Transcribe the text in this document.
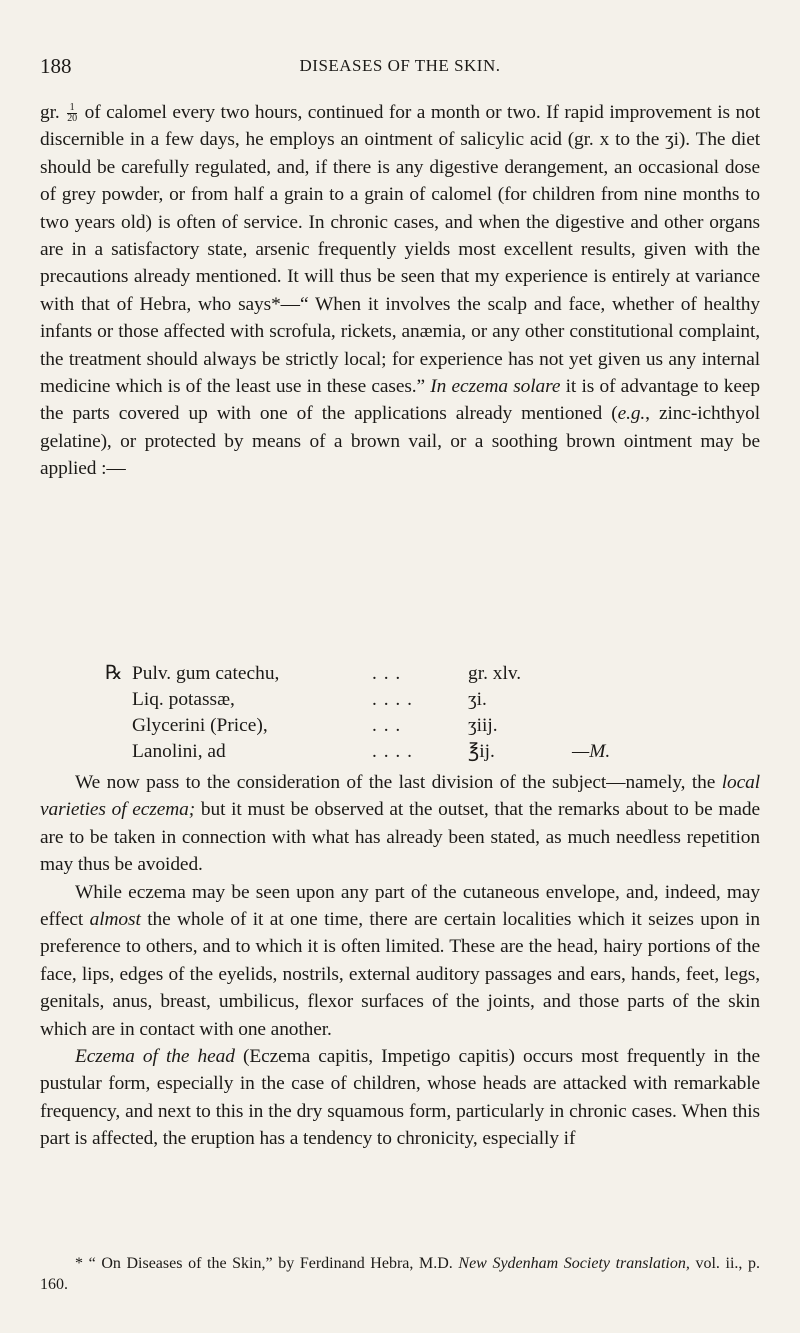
188	DISEASES OF THE SKIN.

gr. $\frac{1}{20}$ of calomel every two hours, continued for a month or two. If rapid improvement is not discernible in a few days, he employs an ointment of salicylic acid (gr. x to the ʒi). The diet should be carefully regulated, and, if there is any digestive derangement, an occasional dose of grey powder, or from half a grain to a grain of calomel (for children from nine months to two years old) is often of service. In chronic cases, and when the digestive and other organs are in a satisfactory state, arsenic frequently yields most excellent results, given with the precautions already mentioned. It will thus be seen that my experience is entirely at variance with that of Hebra, who says*—“ When it involves the scalp and face, whether of healthy infants or those affected with scrofula, rickets, anæmia, or any other constitutional complaint, the treatment should always be strictly local; for experience has not yet given us any internal medicine which is of the least use in these cases.” In eczema solare it is of advantage to keep the parts covered up with one of the applications already mentioned (e.g., zinc-ichthyol gelatine), or protected by means of a brown vail, or a soothing brown ointment may be applied :—

℞ Pulv. gum catechu,	. . .	gr. xlv.
Liq. potassæ,	. . . .	ʒi.
Glycerini (Price),	. . .	ʒiij.
Lanolini, ad	. . . .	℥ij.	—M.

We now pass to the consideration of the last division of the subject—namely, the local varieties of eczema; but it must be observed at the outset, that the remarks about to be made are to be taken in connection with what has already been stated, as much needless repetition may thus be avoided.

While eczema may be seen upon any part of the cutaneous envelope, and, indeed, may effect almost the whole of it at one time, there are certain localities which it seizes upon in preference to others, and to which it is often limited. These are the head, hairy portions of the face, lips, edges of the eyelids, nostrils, external auditory passages and ears, hands, feet, legs, genitals, anus, breast, umbilicus, flexor surfaces of the joints, and those parts of the skin which are in contact with one another.

Eczema of the head (Eczema capitis, Impetigo capitis) occurs most frequently in the pustular form, especially in the case of children, whose heads are attacked with remarkable frequency, and next to this in the dry squamous form, particularly in chronic cases. When this part is affected, the eruption has a tendency to chronicity, especially if

* “ On Diseases of the Skin,” by Ferdinand Hebra, M.D. New Sydenham Society translation, vol. ii., p. 160.
